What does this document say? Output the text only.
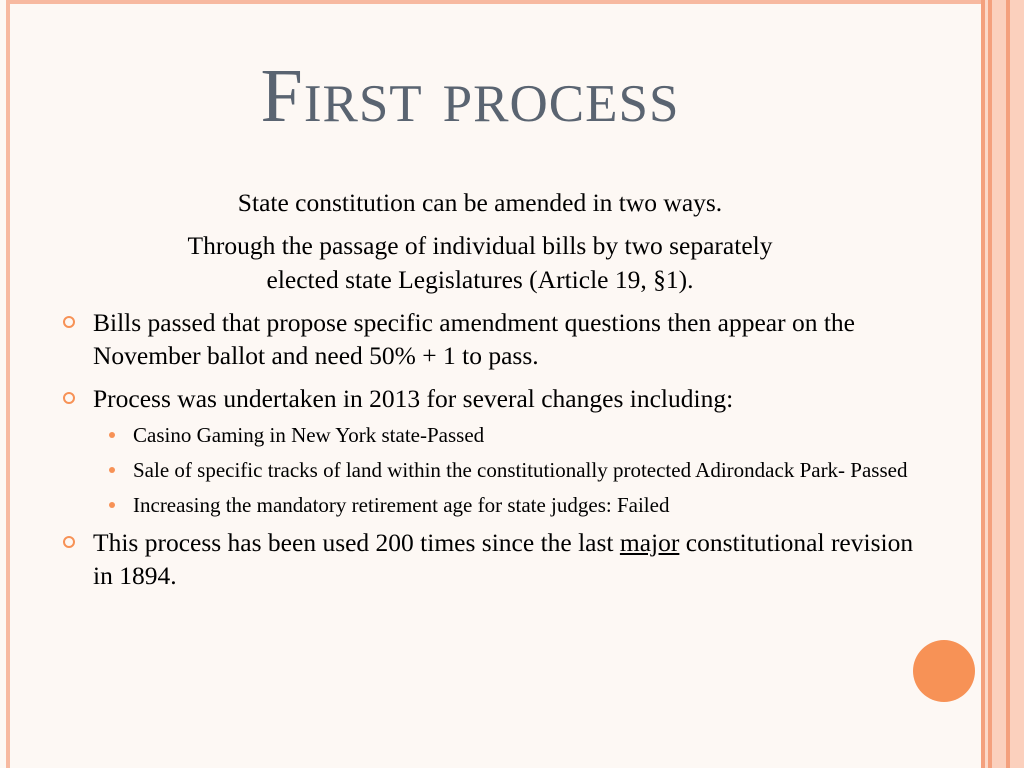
First process
State constitution can be amended in two ways.
Through the passage of individual bills by two separately
elected state Legislatures (Article 19, §1).
Bills passed that propose specific amendment questions then appear on the November ballot and need 50% + 1 to pass.
Process was undertaken in 2013 for several changes including:
Casino Gaming in New York state-Passed
Sale of specific tracks of land within the constitutionally protected Adirondack Park- Passed
Increasing the mandatory retirement age for state judges: Failed
This process has been used 200 times since the last major constitutional revision in 1894.
